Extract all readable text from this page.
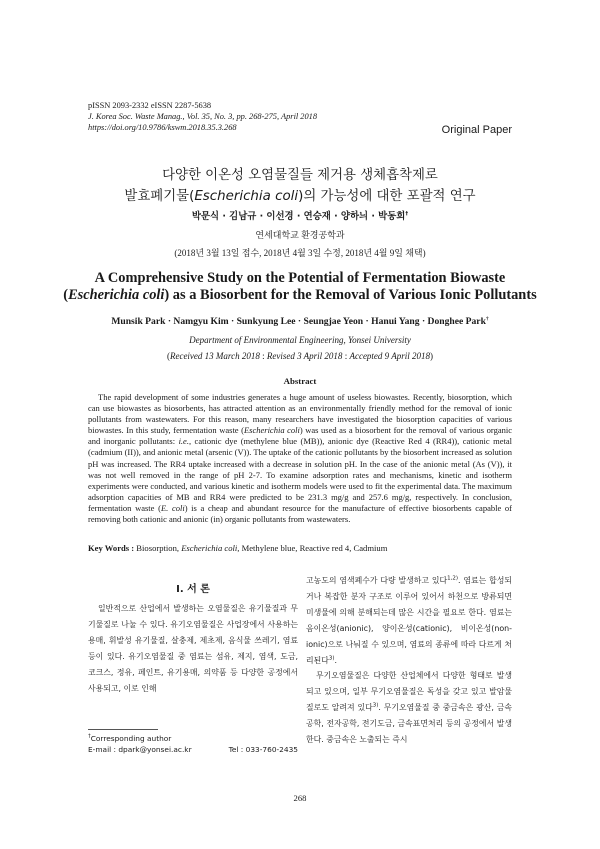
pISSN 2093-2332 eISSN 2287-5638
J. Korea Soc. Waste Manag., Vol. 35, No. 3, pp. 268-275, April 2018
https://doi.org/10.9786/kswm.2018.35.3.268	Original Paper
다양한 이온성 오염물질들 제거용 생체흡착제로
발효폐기물(Escherichia coli)의 가능성에 대한 포괄적 연구
박문식 · 김남규 · 이선경 · 연승재 · 양하늬 · 박동희†
연세대학교 환경공학과
(2018년 3월 13일 접수, 2018년 4월 3일 수정, 2018년 4월 9일 채택)
A Comprehensive Study on the Potential of Fermentation Biowaste
(Escherichia coli) as a Biosorbent for the Removal of Various Ionic Pollutants
Munsik Park · Namgyu Kim · Sunkyung Lee · Seungjae Yeon · Hanui Yang · Donghee Park†
Department of Environmental Engineering, Yonsei University
(Received 13 March 2018 : Revised 3 April 2018 : Accepted 9 April 2018)
Abstract
The rapid development of some industries generates a huge amount of useless biowastes. Recently, biosorption, which can use biowastes as biosorbents, has attracted attention as an environmentally friendly method for the removal of ionic pollutants from wastewaters. For this reason, many researchers have investigated the biosorption capacities of various biowastes. In this study, fermentation waste (Escherichia coli) was used as a biosorbent for the removal of various organic and inorganic pollutants: i.e., cationic dye (methylene blue (MB)), anionic dye (Reactive Red 4 (RR4)), cationic metal (cadmium (II)), and anionic metal (arsenic (V)). The uptake of the cationic pollutants by the biosorbent increased as solution pH was increased. The RR4 uptake increased with a decrease in solution pH. In the case of the anionic metal (As (V)), it was not well removed in the range of pH 2-7. To examine adsorption rates and mechanisms, kinetic and isotherm experiments were conducted, and various kinetic and isotherm models were used to fit the experimental data. The maximum adsorption capacities of MB and RR4 were predicted to be 231.3 mg/g and 257.6 mg/g, respectively. In conclusion, fermentation waste (E. coli) is a cheap and abundant resource for the manufacture of effective biosorbents capable of removing both cationic and anionic (in) organic pollutants from wastewaters.
Key Words : Biosorption, Escherichia coli, Methylene blue, Reactive red 4, Cadmium
I. 서 론
일반적으로 산업에서 발생하는 오염물질은 유기물질과 무기물질로 나눌 수 있다. 유기오염물질은 사업장에서 사용하는 용매, 휘발성 유기물질, 살충제, 제초제, 음식물 쓰레기, 염료 등이 있다. 유기오염물질 중 염료는 섬유, 제지, 염색, 도금, 코크스, 정유, 페인트, 유기용매, 의약품 등 다양한 공정에서 사용되고, 이로 인해

고농도의 염색폐수가 다량 발생하고 있다$^{1,2)}$. 염료는 합성되거나 복잡한 분자 구조로 이루어 있어서 하천으로 방류되면 미생물에 의해 분해되는데 많은 시간을 필요로 한다. 염료는 음이온성(anionic), 양이온성(cationic), 비이온성(non-ionic)으로 나눠질 수 있으며, 염료의 종류에 따라 다르게 처리된다$^{3)}$.

무기오염물질은 다양한 산업체에서 다양한 형태로 발생 되고 있으며, 일부 무기오염물질은 독성을 갖고 있고 발암물질로도 알려져 있다$^{3)}$. 무기오염물질 중 중금속은 광산, 금속공학, 전자공학, 전기도금, 금속표면처리 등의 공정에서 발생한다. 중금속은 노출되는 즉시

†Corresponding author
E-mail : dpark@yonsei.ac.kr	Tel : 033-760-2435
268
